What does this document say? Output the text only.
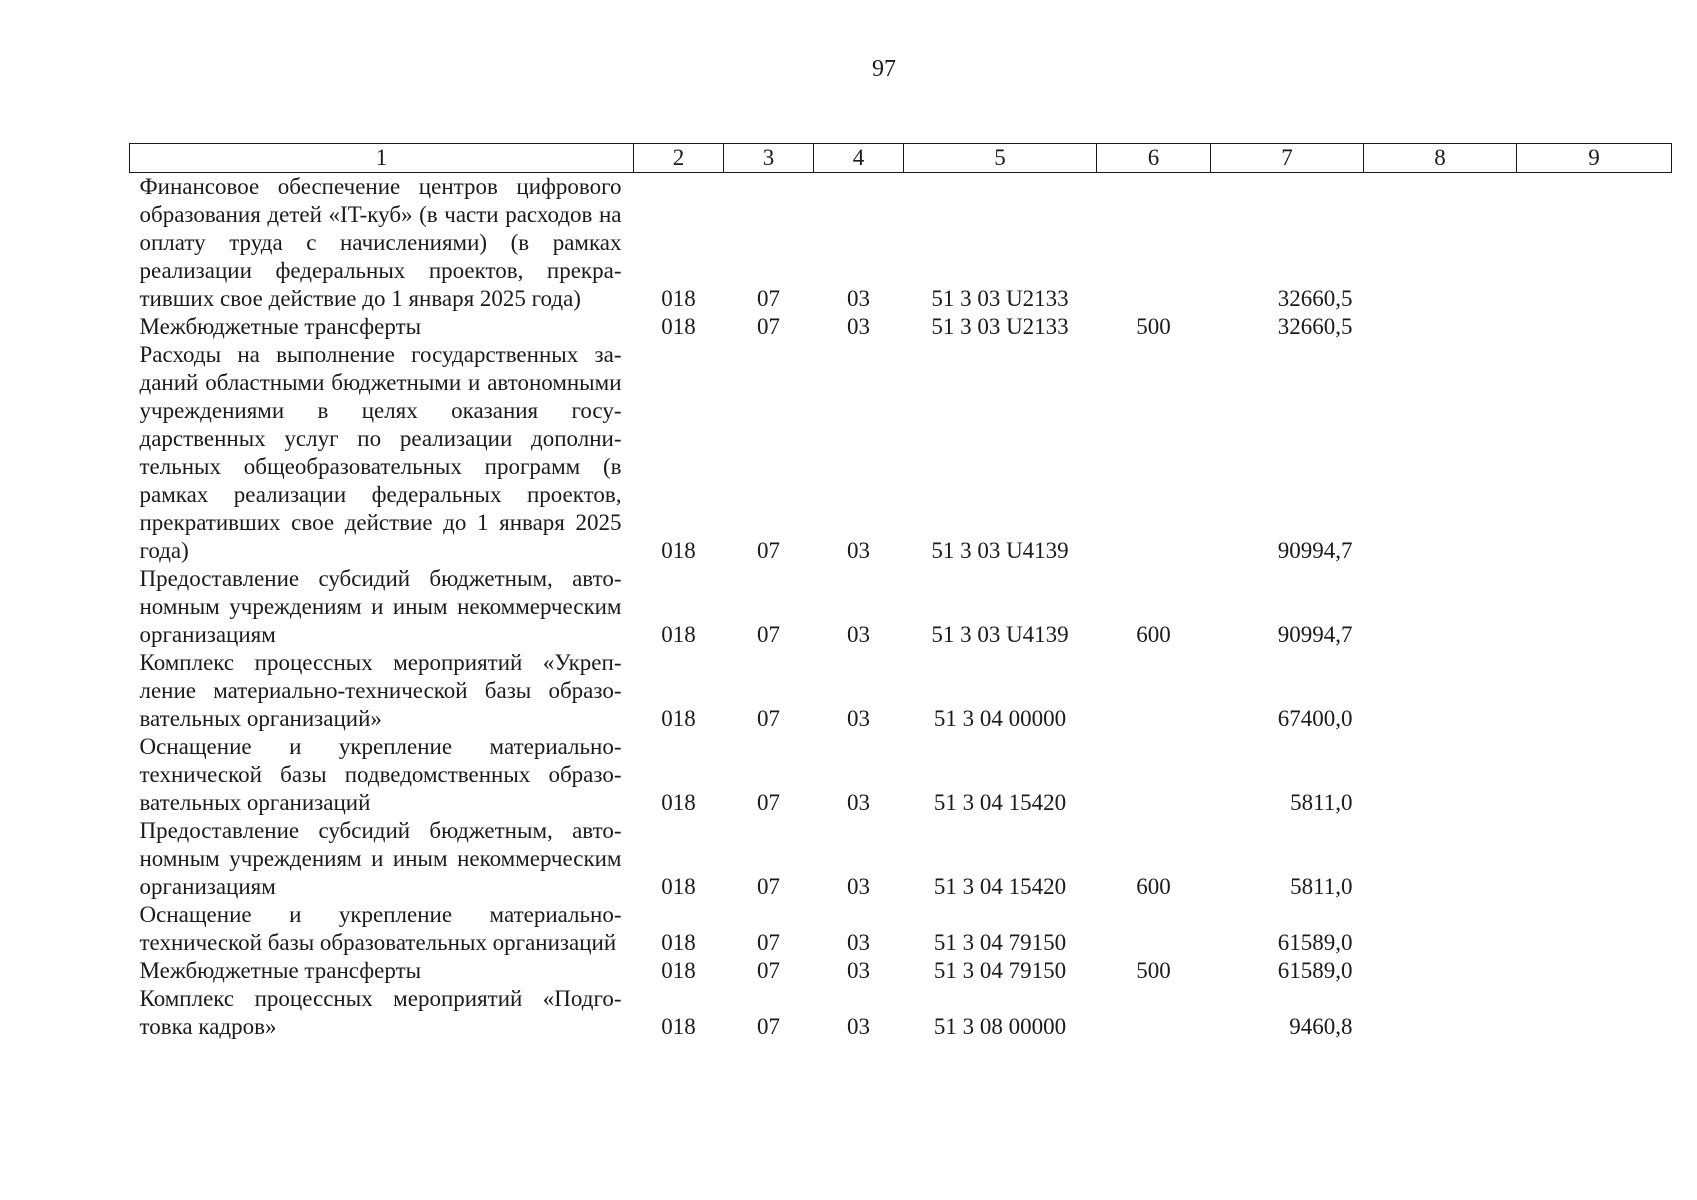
97
1	2	3	4	5	6	7	8	9
Финансовое обеспечение центров цифрового образования детей «IT-куб» (в части расходов на оплату труда с начислениями) (в рамках реализации федеральных проектов, прекративших свое действие до 1 января 2025 года)	018	07	03	51 3 03 U2133		32660,5		
Межбюджетные трансферты	018	07	03	51 3 03 U2133	500	32660,5		
Расходы на выполнение государственных заданий областными бюджетными и автономными учреждениями в целях оказания государственных услуг по реализации дополнительных общеобразовательных программ (в рамках реализации федеральных проектов, прекративших свое действие до 1 января 2025 года)	018	07	03	51 3 03 U4139		90994,7		
Предоставление субсидий бюджетным, автономным учреждениям и иным некоммерческим организациям	018	07	03	51 3 03 U4139	600	90994,7		
Комплекс процессных мероприятий «Укрепление материально-технической базы образовательных организаций»	018	07	03	51 3 04 00000		67400,0		
Оснащение и укрепление материально-технической базы подведомственных образовательных организаций	018	07	03	51 3 04 15420		5811,0		
Предоставление субсидий бюджетным, автономным учреждениям и иным некоммерческим организациям	018	07	03	51 3 04 15420	600	5811,0		
Оснащение и укрепление материально-технической базы образовательных организаций	018	07	03	51 3 04 79150		61589,0		
Межбюджетные трансферты	018	07	03	51 3 04 79150	500	61589,0		
Комплекс процессных мероприятий «Подготовка кадров»	018	07	03	51 3 08 00000		9460,8		
